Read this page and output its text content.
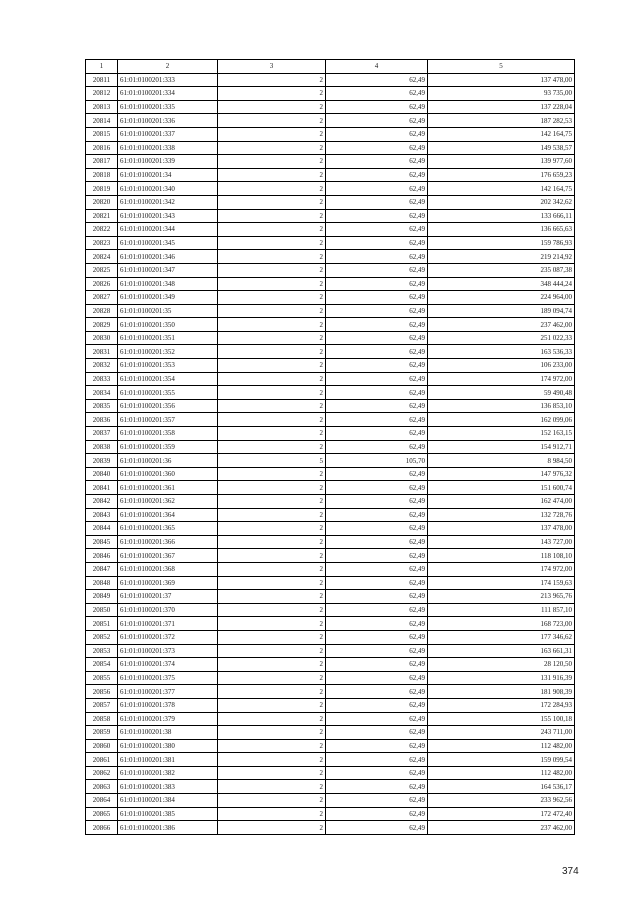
1	2	3	4	5
20811	61:01:0100201:333	2	62,49	137 478,00
20812	61:01:0100201:334	2	62,49	93 735,00
20813	61:01:0100201:335	2	62,49	137 228,04
20814	61:01:0100201:336	2	62,49	187 282,53
20815	61:01:0100201:337	2	62,49	142 164,75
20816	61:01:0100201:338	2	62,49	149 538,57
20817	61:01:0100201:339	2	62,49	139 977,60
20818	61:01:0100201:34	2	62,49	176 659,23
20819	61:01:0100201:340	2	62,49	142 164,75
20820	61:01:0100201:342	2	62,49	202 342,62
20821	61:01:0100201:343	2	62,49	133 666,11
20822	61:01:0100201:344	2	62,49	136 665,63
20823	61:01:0100201:345	2	62,49	159 786,93
20824	61:01:0100201:346	2	62,49	219 214,92
20825	61:01:0100201:347	2	62,49	235 087,38
20826	61:01:0100201:348	2	62,49	348 444,24
20827	61:01:0100201:349	2	62,49	224 964,00
20828	61:01:0100201:35	2	62,49	189 094,74
20829	61:01:0100201:350	2	62,49	237 462,00
20830	61:01:0100201:351	2	62,49	251 022,33
20831	61:01:0100201:352	2	62,49	163 536,33
20832	61:01:0100201:353	2	62,49	106 233,00
20833	61:01:0100201:354	2	62,49	174 972,00
20834	61:01:0100201:355	2	62,49	59 490,48
20835	61:01:0100201:356	2	62,49	136 853,10
20836	61:01:0100201:357	2	62,49	162 099,06
20837	61:01:0100201:358	2	62,49	152 163,15
20838	61:01:0100201:359	2	62,49	154 912,71
20839	61:01:0100201:36	5	105,70	8 984,50
20840	61:01:0100201:360	2	62,49	147 976,32
20841	61:01:0100201:361	2	62,49	151 600,74
20842	61:01:0100201:362	2	62,49	162 474,00
20843	61:01:0100201:364	2	62,49	132 728,76
20844	61:01:0100201:365	2	62,49	137 478,00
20845	61:01:0100201:366	2	62,49	143 727,00
20846	61:01:0100201:367	2	62,49	118 108,10
20847	61:01:0100201:368	2	62,49	174 972,00
20848	61:01:0100201:369	2	62,49	174 159,63
20849	61:01:0100201:37	2	62,49	213 965,76
20850	61:01:0100201:370	2	62,49	111 857,10
20851	61:01:0100201:371	2	62,49	168 723,00
20852	61:01:0100201:372	2	62,49	177 346,62
20853	61:01:0100201:373	2	62,49	163 661,31
20854	61:01:0100201:374	2	62,49	28 120,50
20855	61:01:0100201:375	2	62,49	131 916,39
20856	61:01:0100201:377	2	62,49	181 908,39
20857	61:01:0100201:378	2	62,49	172 284,93
20858	61:01:0100201:379	2	62,49	155 100,18
20859	61:01:0100201:38	2	62,49	243 711,00
20860	61:01:0100201:380	2	62,49	112 482,00
20861	61:01:0100201:381	2	62,49	159 099,54
20862	61:01:0100201:382	2	62,49	112 482,00
20863	61:01:0100201:383	2	62,49	164 536,17
20864	61:01:0100201:384	2	62,49	233 962,56
20865	61:01:0100201:385	2	62,49	172 472,40
20866	61:01:0100201:386	2	62,49	237 462,00
374
